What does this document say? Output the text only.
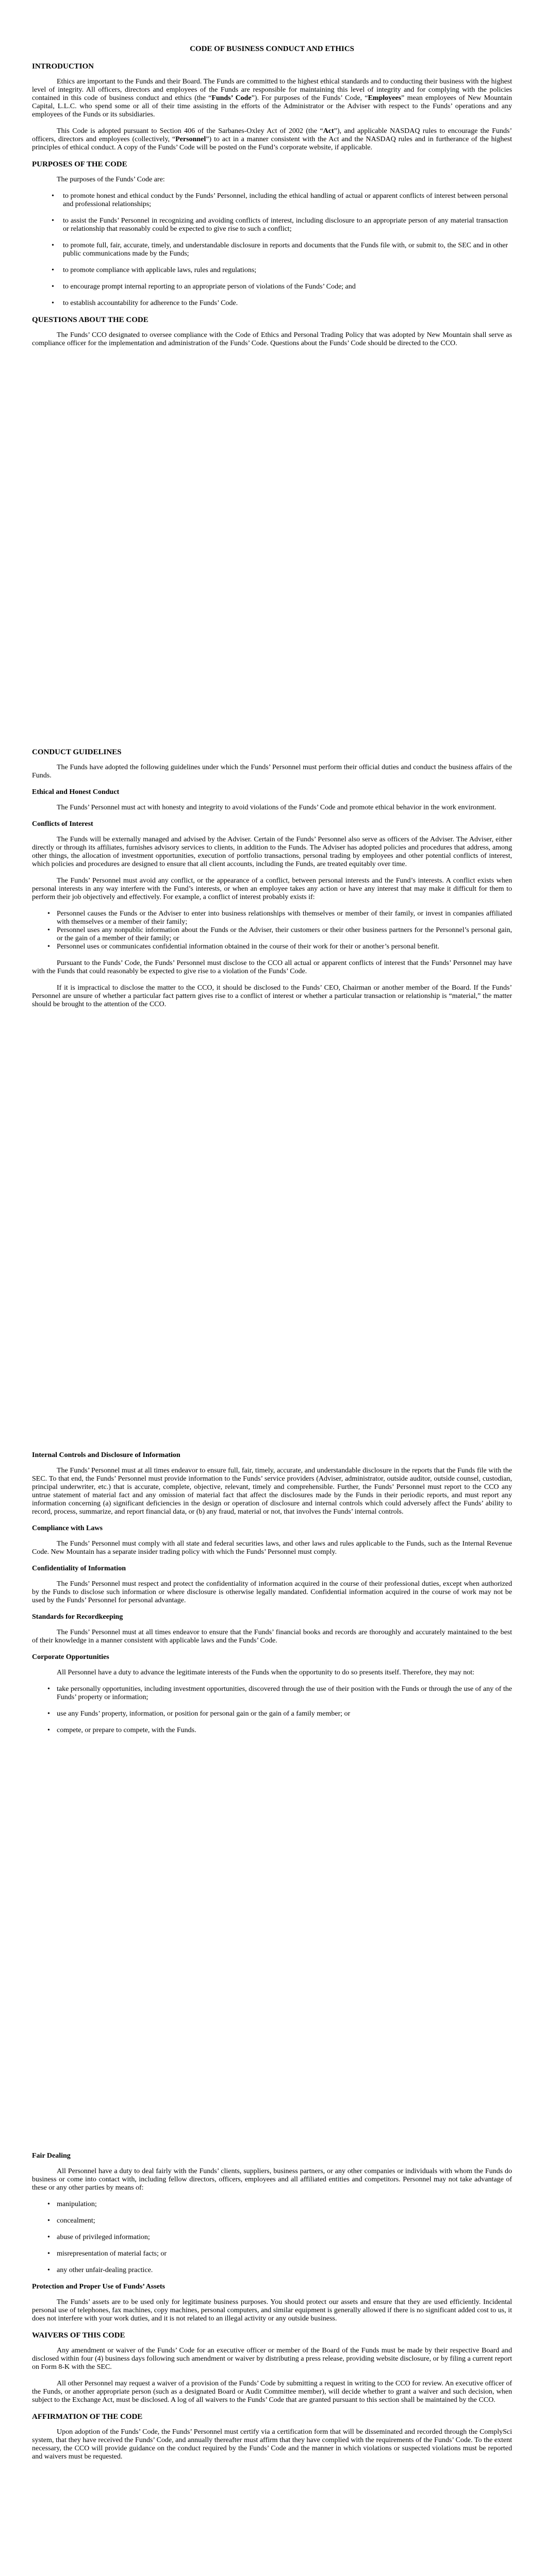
CODE OF BUSINESS CONDUCT AND ETHICS
INTRODUCTION
Ethics are important to the Funds and their Board. The Funds are committed to the highest ethical standards and to conducting their business with the highest level of integrity. All officers, directors and employees of the Funds are responsible for maintaining this level of integrity and for complying with the policies contained in this code of business conduct and ethics (the “Funds’ Code”). For purposes of the Funds’ Code, “Employees” mean employees of New Mountain Capital, L.L.C. who spend some or all of their time assisting in the efforts of the Administrator or the Adviser with respect to the Funds’ operations and any employees of the Funds or its subsidiaries.
This Code is adopted pursuant to Section 406 of the Sarbanes-Oxley Act of 2002 (the “Act”), and applicable NASDAQ rules to encourage the Funds’ officers, directors and employees (collectively, “Personnel”) to act in a manner consistent with the Act and the NASDAQ rules and in furtherance of the highest principles of ethical conduct. A copy of the Funds’ Code will be posted on the Fund’s corporate website, if applicable.
PURPOSES OF THE CODE
The purposes of the Funds’ Code are:
• to promote honest and ethical conduct by the Funds’ Personnel, including the ethical handling of actual or apparent conflicts of interest between personal and professional relationships;
• to assist the Funds’ Personnel in recognizing and avoiding conflicts of interest, including disclosure to an appropriate person of any material transaction or relationship that reasonably could be expected to give rise to such a conflict;
• to promote full, fair, accurate, timely, and understandable disclosure in reports and documents that the Funds file with, or submit to, the SEC and in other public communications made by the Funds;
• to promote compliance with applicable laws, rules and regulations;
• to encourage prompt internal reporting to an appropriate person of violations of the Funds’ Code; and
• to establish accountability for adherence to the Funds’ Code.
QUESTIONS ABOUT THE CODE
The Funds’ CCO designated to oversee compliance with the Code of Ethics and Personal Trading Policy that was adopted by New Mountain shall serve as compliance officer for the implementation and administration of the Funds’ Code. Questions about the Funds’ Code should be directed to the CCO.
CONDUCT GUIDELINES
The Funds have adopted the following guidelines under which the Funds’ Personnel must perform their official duties and conduct the business affairs of the Funds.
Ethical and Honest Conduct
The Funds’ Personnel must act with honesty and integrity to avoid violations of the Funds’ Code and promote ethical behavior in the work environment.
Conflicts of Interest
The Funds will be externally managed and advised by the Adviser. Certain of the Funds’ Personnel also serve as officers of the Adviser. The Adviser, either directly or through its affiliates, furnishes advisory services to clients, in addition to the Funds. The Adviser has adopted policies and procedures that address, among other things, the allocation of investment opportunities, execution of portfolio transactions, personal trading by employees and other potential conflicts of interest, which policies and procedures are designed to ensure that all client accounts, including the Funds, are treated equitably over time.
The Funds’ Personnel must avoid any conflict, or the appearance of a conflict, between personal interests and the Fund’s interests. A conflict exists when personal interests in any way interfere with the Fund’s interests, or when an employee takes any action or have any interest that may make it difficult for them to perform their job objectively and effectively. For example, a conflict of interest probably exists if:
• Personnel causes the Funds or the Adviser to enter into business relationships with themselves or member of their family, or invest in companies affiliated with themselves or a member of their family;
• Personnel uses any nonpublic information about the Funds or the Adviser, their customers or their other business partners for the Personnel’s personal gain, or the gain of a member of their family; or
• Personnel uses or communicates confidential information obtained in the course of their work for their or another’s personal benefit.
Pursuant to the Funds’ Code, the Funds’ Personnel must disclose to the CCO all actual or apparent conflicts of interest that the Funds’ Personnel may have with the Funds that could reasonably be expected to give rise to a violation of the Funds’ Code.
If it is impractical to disclose the matter to the CCO, it should be disclosed to the Funds’ CEO, Chairman or another member of the Board. If the Funds’ Personnel are unsure of whether a particular fact pattern gives rise to a conflict of interest or whether a particular transaction or relationship is “material,” the matter should be brought to the attention of the CCO.
Internal Controls and Disclosure of Information
The Funds’ Personnel must at all times endeavor to ensure full, fair, timely, accurate, and understandable disclosure in the reports that the Funds file with the SEC. To that end, the Funds’ Personnel must provide information to the Funds’ service providers (Adviser, administrator, outside auditor, outside counsel, custodian, principal underwriter, etc.) that is accurate, complete, objective, relevant, timely and comprehensible. Further, the Funds’ Personnel must report to the CCO any untrue statement of material fact and any omission of material fact that affect the disclosures made by the Funds in their periodic reports, and must report any information concerning (a) significant deficiencies in the design or operation of disclosure and internal controls which could adversely affect the Funds’ ability to record, process, summarize, and report financial data, or (b) any fraud, material or not, that involves the Funds’ internal controls.
Compliance with Laws
The Funds’ Personnel must comply with all state and federal securities laws, and other laws and rules applicable to the Funds, such as the Internal Revenue Code. New Mountain has a separate insider trading policy with which the Funds’ Personnel must comply.
Confidentiality of Information
The Funds’ Personnel must respect and protect the confidentiality of information acquired in the course of their professional duties, except when authorized by the Funds to disclose such information or where disclosure is otherwise legally mandated. Confidential information acquired in the course of work may not be used by the Funds’ Personnel for personal advantage.
Standards for Recordkeeping
The Funds’ Personnel must at all times endeavor to ensure that the Funds’ financial books and records are thoroughly and accurately maintained to the best of their knowledge in a manner consistent with applicable laws and the Funds’ Code.
Corporate Opportunities
All Personnel have a duty to advance the legitimate interests of the Funds when the opportunity to do so presents itself. Therefore, they may not:
• take personally opportunities, including investment opportunities, discovered through the use of their position with the Funds or through the use of any of the Funds’ property or information;
• use any Funds’ property, information, or position for personal gain or the gain of a family member; or
• compete, or prepare to compete, with the Funds.
Fair Dealing
All Personnel have a duty to deal fairly with the Funds’ clients, suppliers, business partners, or any other companies or individuals with whom the Funds do business or come into contact with, including fellow directors, officers, employees and all affiliated entities and competitors. Personnel may not take advantage of these or any other parties by means of:
• manipulation;
• concealment;
• abuse of privileged information;
• misrepresentation of material facts; or
• any other unfair-dealing practice.
Protection and Proper Use of Funds’ Assets
The Funds’ assets are to be used only for legitimate business purposes. You should protect our assets and ensure that they are used efficiently. Incidental personal use of telephones, fax machines, copy machines, personal computers, and similar equipment is generally allowed if there is no significant added cost to us, it does not interfere with your work duties, and it is not related to an illegal activity or any outside business.
WAIVERS OF THIS CODE
Any amendment or waiver of the Funds’ Code for an executive officer or member of the Board of the Funds must be made by their respective Board and disclosed within four (4) business days following such amendment or waiver by distributing a press release, providing website disclosure, or by filing a current report on Form 8-K with the SEC.
All other Personnel may request a waiver of a provision of the Funds’ Code by submitting a request in writing to the CCO for review. An executive officer of the Funds, or another appropriate person (such as a designated Board or Audit Committee member), will decide whether to grant a waiver and such decision, when subject to the Exchange Act, must be disclosed. A log of all waivers to the Funds’ Code that are granted pursuant to this section shall be maintained by the CCO.
AFFIRMATION OF THE CODE
Upon adoption of the Funds’ Code, the Funds’ Personnel must certify via a certification form that will be disseminated and recorded through the ComplySci system, that they have received the Funds’ Code, and annually thereafter must affirm that they have complied with the requirements of the Funds’ Code. To the extent necessary, the CCO will provide guidance on the conduct required by the Funds’ Code and the manner in which violations or suspected violations must be reported and waivers must be requested.
